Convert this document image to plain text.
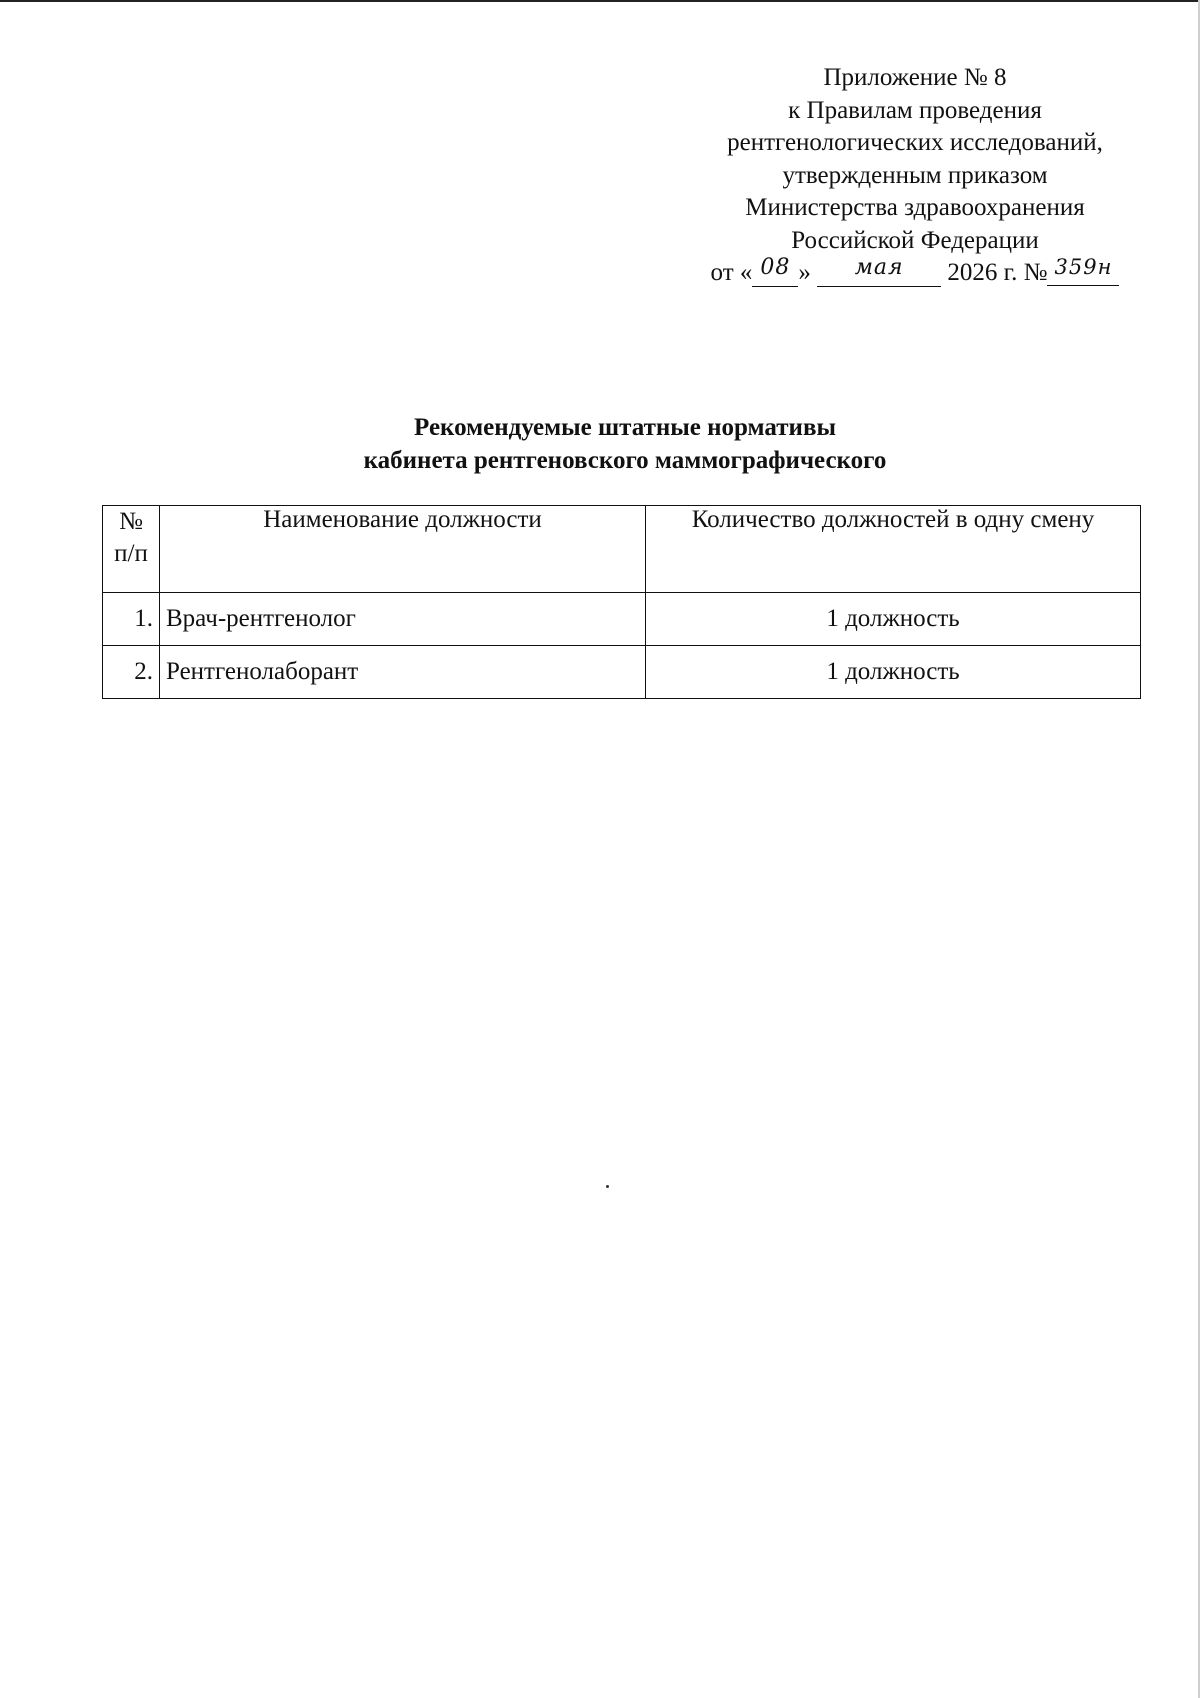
Приложение № 8
к Правилам проведения
рентгенологических исследований,
утвержденным приказом
Министерства здравоохранения
Российской Федерации
от « 08 » мая 2026 г. № 359н
Рекомендуемые штатные нормативы
кабинета рентгеновского маммографического
№ п/п	Наименование должности	Количество должностей в одну смену
1.	Врач-рентгенолог	1 должность
2.	Рентгенолаборант	1 должность
